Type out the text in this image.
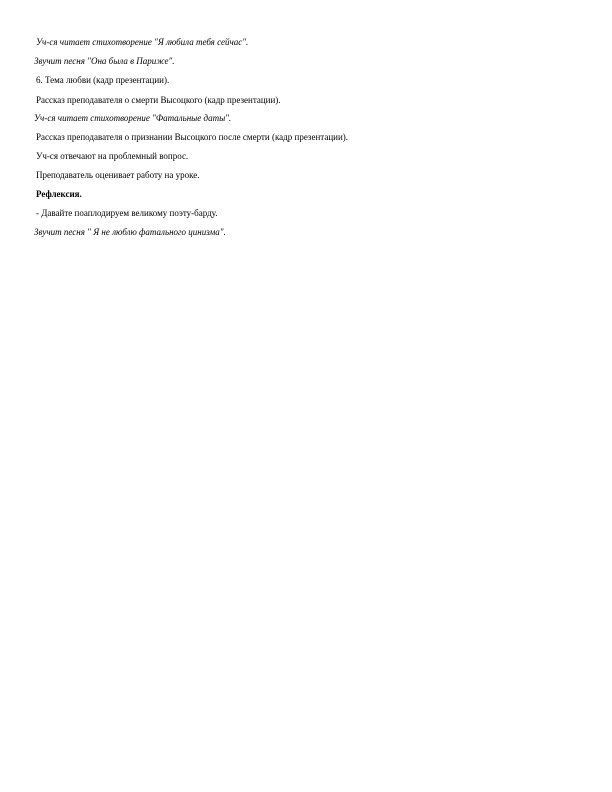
Уч-ся читает стихотворение "Я любила тебя сейчас".
Звучит песня "Она была в Париже".
6. Тема любви (кадр презентации).
Рассказ преподавателя о смерти Высоцкого (кадр презентации).
Уч-ся читает стихотворение "Фатальные даты".
Рассказ преподавателя о признании Высоцкого после смерти (кадр презентации).
Уч-ся отвечают на проблемный вопрос.
Преподаватель оценивает работу на уроке.
Рефлексия.
- Давайте поаплодируем великому поэту-барду.
Звучит песня " Я не люблю фатального цинизма".
